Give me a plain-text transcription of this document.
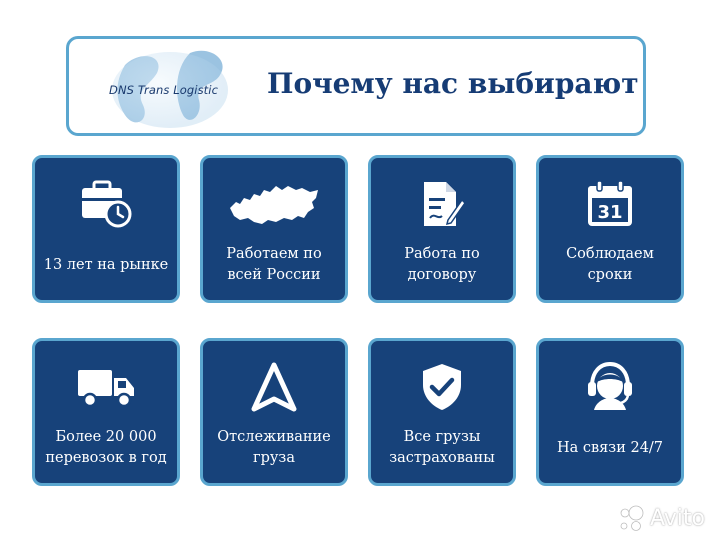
DNS Trans Logistic Почему нас выбирают
13 лет на рынке
Работаем по
всей России
Работа по
договору
31
Соблюдаем
сроки
Более 20 000
перевозок в год
Отслеживание
груза
Все грузы
застрахованы
На связи 24/7
Avito
